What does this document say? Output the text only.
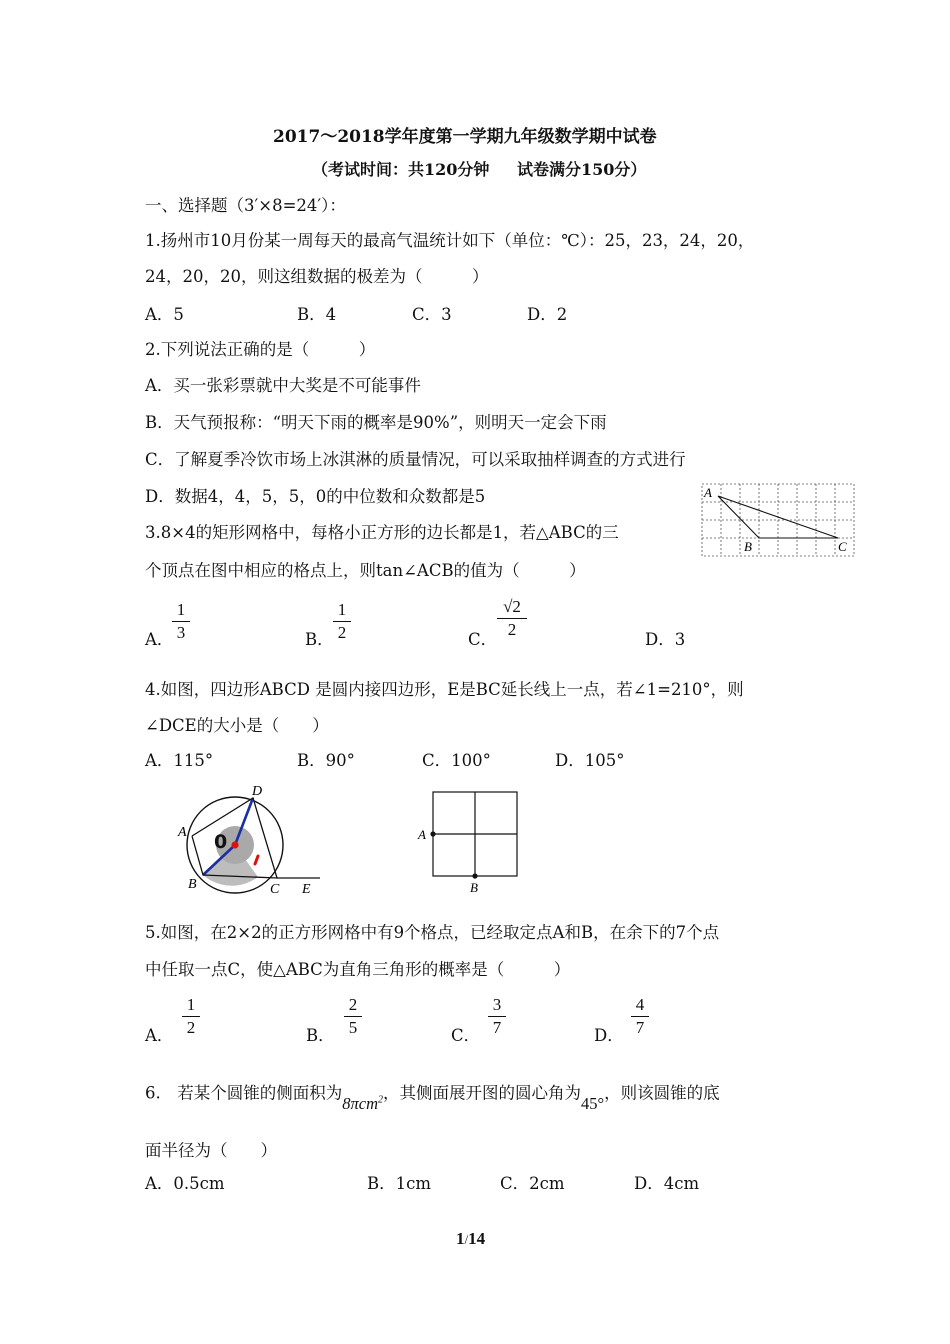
2017～2018学年度第一学期九年级数学期中试卷
（考试时间：共120分钟 试卷满分150分）
一、选择题（3′×8=24′）：
1.扬州市10月份某一周每天的最高气温统计如下（单位：℃）：25，23，24，20，
24，20，20，则这组数据的极差为（　　　）
A．5	B．4	C．3	D．2
2.下列说法正确的是（　　　）
A．买一张彩票就中大奖是不可能事件
B．天气预报称：“明天下雨的概率是90%”，则明天一定会下雨
C．了解夏季冷饮市场上冰淇淋的质量情况，可以采取抽样调查的方式进行
D．数据4，4，5，5，0的中位数和众数都是5	A
B	C
3.8×4的矩形网格中，每格小正方形的边长都是1，若△ABC的三
个顶点在图中相应的格点上，则tan∠ACB的值为（　　　）
A．
1
3	B．
1
2	C．
√2
2
D．3
4.如图，四边形ABCD 是圆内接四边形，E是BC延长线上一点，若∠1=210°，则
∠DCE的大小是（　　）
A．115°	B．90°	C．100°	D．105°
0
A
B	C
D
E
A
B
5.如图，在2×2的正方形网格中有9个格点，已经取定点A和B，在余下的7个点
中任取一点C，使△ABC为直角三角形的概率是（　　　）
A．
1
2	B．
2
5	C．
3
7	D．
4
7
6.　若某个圆锥的侧面积为8πcm$^2$，其侧面展开图的圆心角为45°，则该圆锥的底
面半径为（　　）
A．0.5cm	B．1cm	C．2cm	D．4cm
1/14
